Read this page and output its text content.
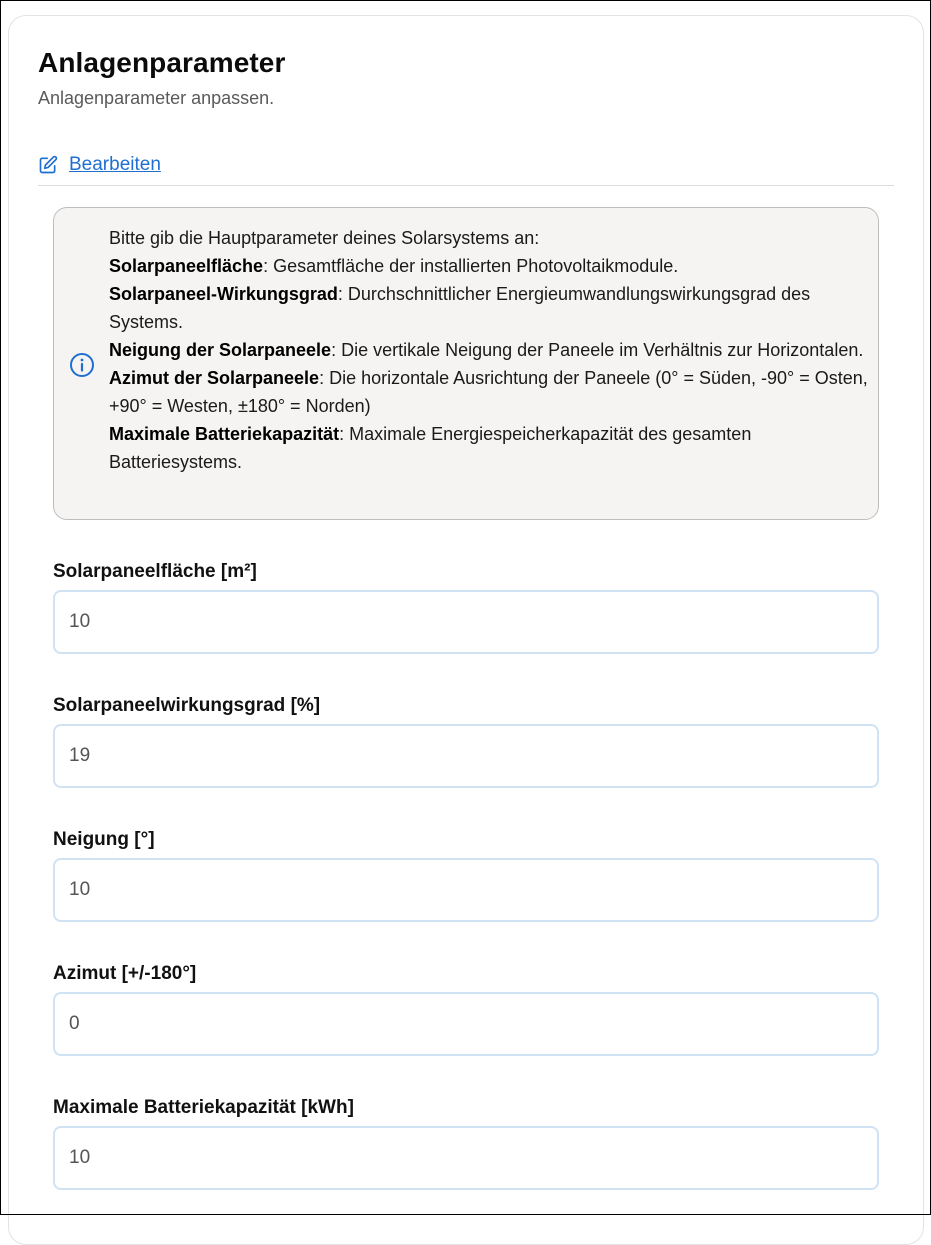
Anlagenparameter
Anlagenparameter anpassen.
Bearbeiten
Bitte gib die Hauptparameter deines Solarsystems an:
Solarpaneelfläche: Gesamtfläche der installierten Photovoltaikmodule.
Solarpaneel-Wirkungsgrad: Durchschnittlicher Energieumwandlungswirkungsgrad des Systems.
Neigung der Solarpaneele: Die vertikale Neigung der Paneele im Verhältnis zur Horizontalen.
Azimut der Solarpaneele: Die horizontale Ausrichtung der Paneele (0° = Süden, -90° = Osten, +90° = Westen, ±180° = Norden)
Maximale Batteriekapazität: Maximale Energiespeicherkapazität des gesamten Batteriesystems.
Solarpaneelfläche [m²]
10
Solarpaneelwirkungsgrad [%]
19
Neigung [°]
10
Azimut [+/-180°]
0
Maximale Batteriekapazität [kWh]
10
